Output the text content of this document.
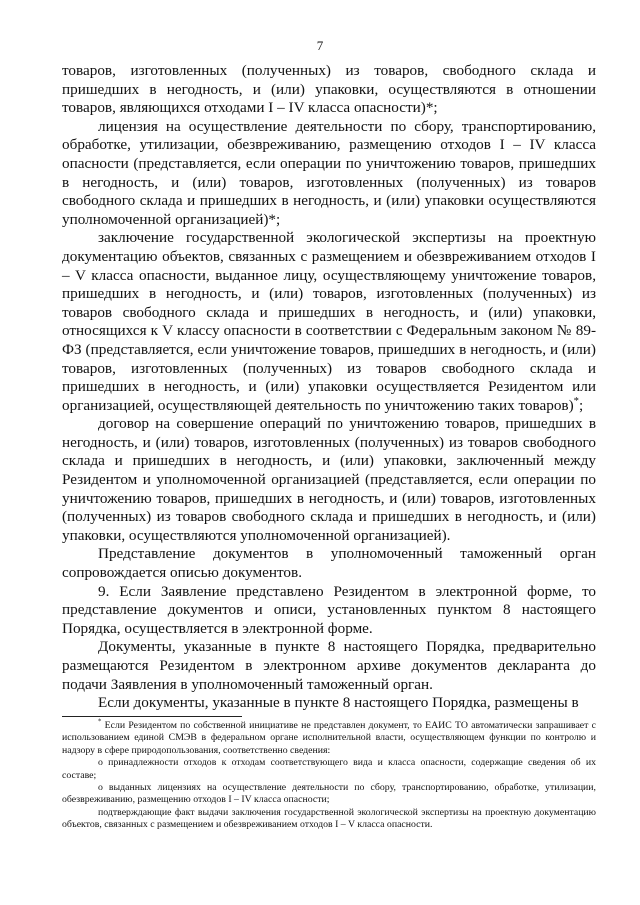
7

товаров, изготовленных (полученных) из товаров, свободного склада и пришедших в негодность, и (или) упаковки, осуществляются в отношении товаров, являющихся отходами I – IV класса опасности)*;

лицензия на осуществление деятельности по сбору, транспортированию, обработке, утилизации, обезвреживанию, размещению отходов I – IV класса опасности (представляется, если операции по уничтожению товаров, пришедших в негодность, и (или) товаров, изготовленных (полученных) из товаров свободного склада и пришедших в негодность, и (или) упаковки осуществляются уполномоченной организацией)*;

заключение государственной экологической экспертизы на проектную документацию объектов, связанных с размещением и обезвреживанием отходов I – V класса опасности, выданное лицу, осуществляющему уничтожение товаров, пришедших в негодность, и (или) товаров, изготовленных (полученных) из товаров свободного склада и пришедших в негодность, и (или) упаковки, относящихся к V классу опасности в соответствии с Федеральным законом № 89-ФЗ (представляется, если уничтожение товаров, пришедших в негодность, и (или) товаров, изготовленных (полученных) из товаров свободного склада и пришедших в негодность, и (или) упаковки осуществляется Резидентом или организацией, осуществляющей деятельность по уничтожению таких товаров)*;

договор на совершение операций по уничтожению товаров, пришедших в негодность, и (или) товаров, изготовленных (полученных) из товаров свободного склада и пришедших в негодность, и (или) упаковки, заключенный между Резидентом и уполномоченной организацией (представляется, если операции по уничтожению товаров, пришедших в негодность, и (или) товаров, изготовленных (полученных) из товаров свободного склада и пришедших в негодность, и (или) упаковки, осуществляются уполномоченной организацией).

Представление документов в уполномоченный таможенный орган сопровождается описью документов.

9. Если Заявление представлено Резидентом в электронной форме, то представление документов и описи, установленных пунктом 8 настоящего Порядка, осуществляется в электронной форме.

Документы, указанные в пункте 8 настоящего Порядка, предварительно размещаются Резидентом в электронном архиве документов декларанта до подачи Заявления в уполномоченный таможенный орган.

Если документы, указанные в пункте 8 настоящего Порядка, размещены в

* Если Резидентом по собственной инициативе не представлен документ, то ЕАИС ТО автоматически запрашивает с использованием единой СМЭВ в федеральном органе исполнительной власти, осуществляющем функции по контролю и надзору в сфере природопользования, соответственно сведения:

о принадлежности отходов к отходам соответствующего вида и класса опасности, содержащие сведения об их составе;

о выданных лицензиях на осуществление деятельности по сбору, транспортированию, обработке, утилизации, обезвреживанию, размещению отходов I – IV класса опасности;

подтверждающие факт выдачи заключения государственной экологической экспертизы на проектную документацию объектов, связанных с размещением и обезвреживанием отходов I – V класса опасности.
